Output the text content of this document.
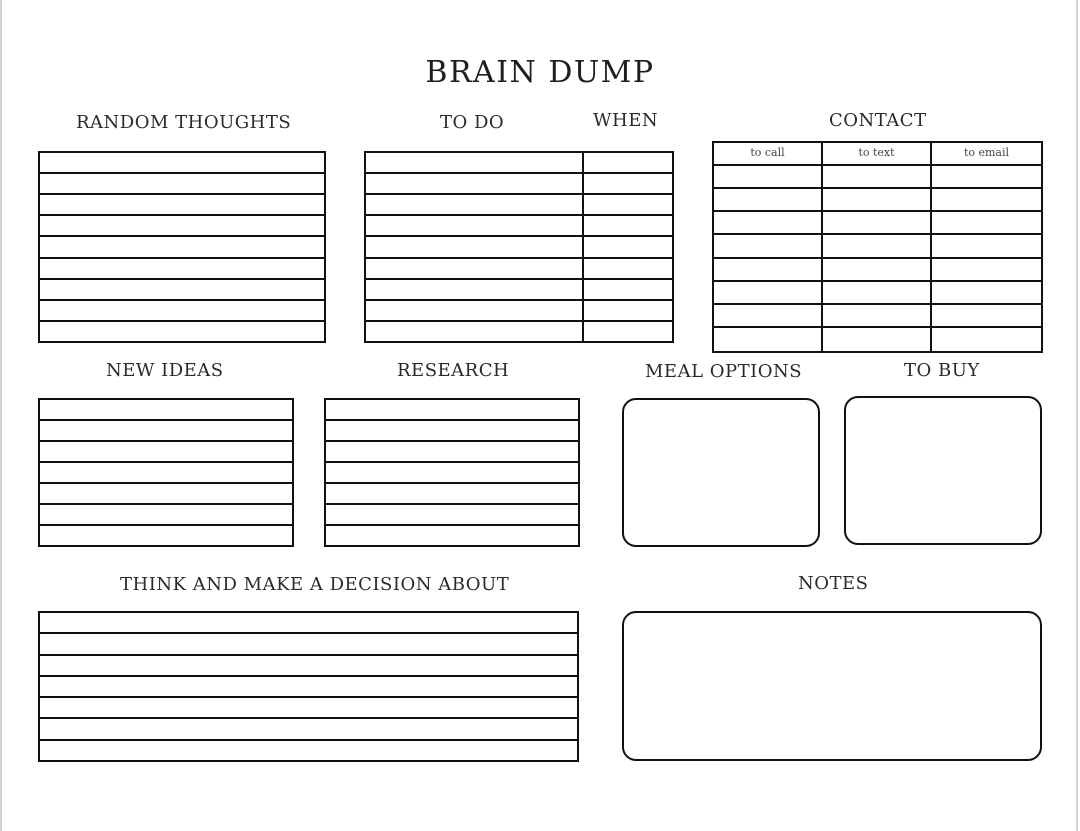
BRAIN DUMP
RANDOM THOUGHTS	TO DO	WHEN	CONTACT
to call	to text	to email
NEW IDEAS	RESEARCH	MEAL OPTIONS	TO BUY
THINK AND MAKE A DECISION ABOUT	NOTES
